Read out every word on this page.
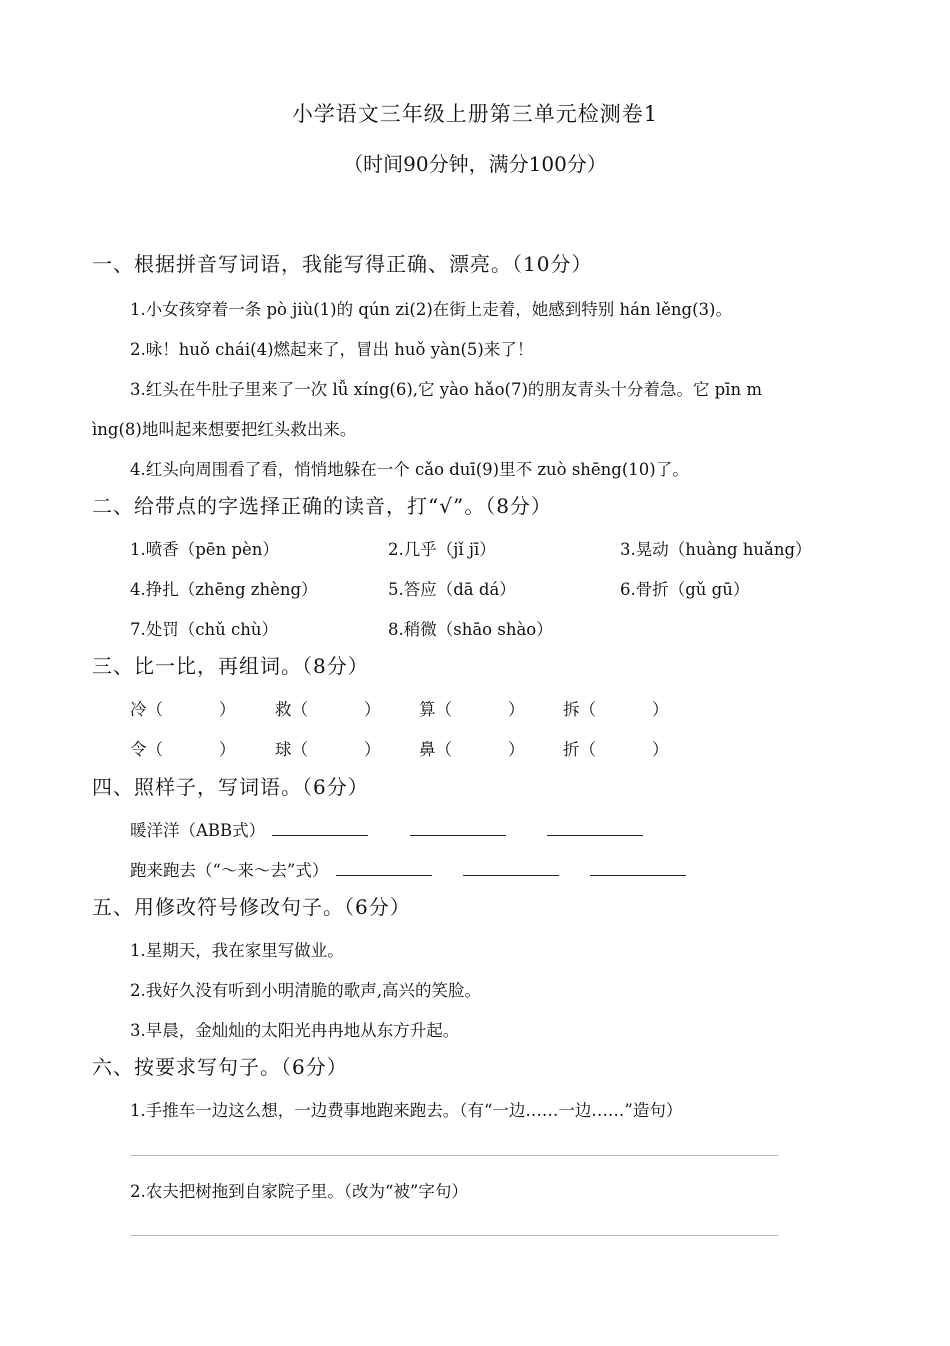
小学语文三年级上册第三单元检测卷1
（时间90分钟，满分100分）
一、根据拼音写词语，我能写得正确、漂亮。（10分）
1.小女孩穿着一条 pò jiù(1)的 qún zi(2)在街上走着，她感到特别 hán lěng(3)。
2.咏！huǒ chái(4)燃起来了，冒出 huǒ yàn(5)来了！
3.红头在牛肚子里来了一次 lǚ xíng(6),它 yào hǎo(7)的朋友青头十分着急。它 pīn m
ìng(8)地叫起来想要把红头救出来。
4.红头向周围看了看，悄悄地躲在一个 cǎo duī(9)里不 zuò shēng(10)了。
二、给带点的字选择正确的读音，打“√”。（8分）
1.喷香（pēn pèn）	2.几乎（jǐ jī）	3.晃动（huàng huǎng）
4.挣扎（zhēng zhèng）	5.答应（dā dá）	6.骨折（gǔ gū）
7.处罚（chǔ chù）	8.稍微（shāo shào）
三、比一比，再组词。（8分）
冷（	） 救（	） 算（	） 拆（	）
令（	） 球（	） 鼻（	） 折（	）
四、照样子，写词语。（6分）
暖洋洋（ABB式）
跑来跑去（“～来～去”式）
五、用修改符号修改句子。（6分）
1.星期天，我在家里写做业。
2.我好久没有听到小明清脆的歌声,高兴的笑脸。
3.早晨，金灿灿的太阳光冉冉地从东方升起。
六、按要求写句子。（6分）
1.手推车一边这么想，一边费事地跑来跑去。（有“一边……一边……”造句）
2.农夫把树拖到自家院子里。（改为“被”字句）
